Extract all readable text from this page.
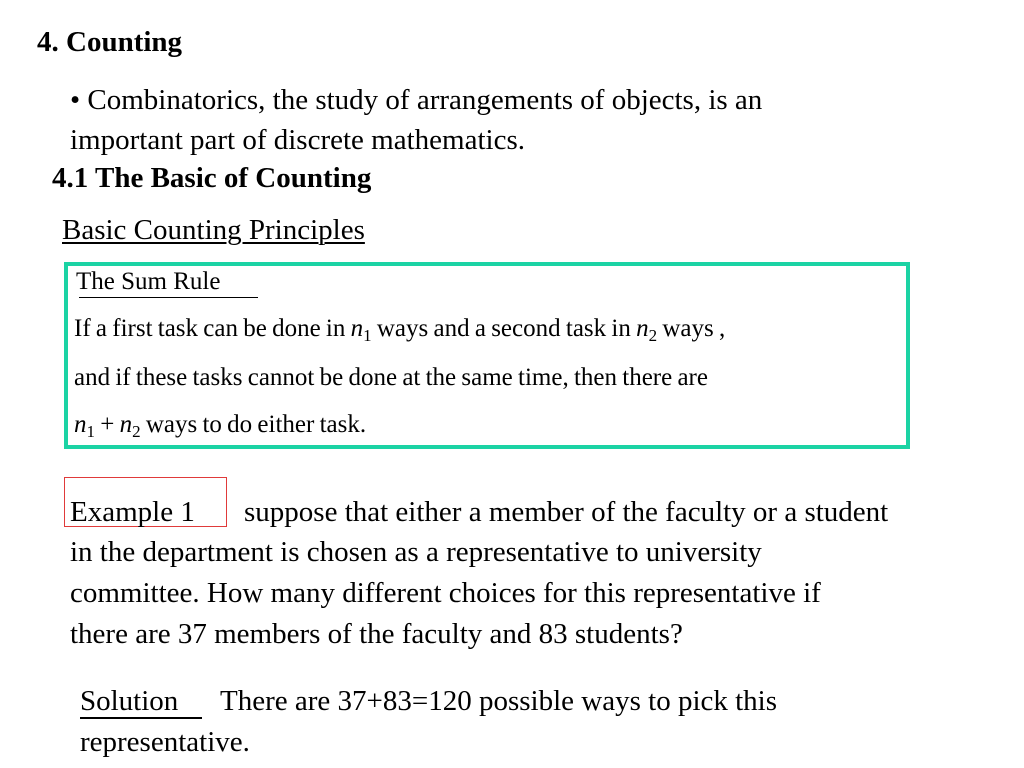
4. Counting
• Combinatorics, the study of arrangements of objects, is an
important part of discrete mathematics.
4.1 The Basic of Counting
Basic Counting Principles
The Sum Rule
If a first task can be done in $n_1$ ways and a second task in $n_2$ ways ,
and if these tasks cannot be done at the same time, then there are
$n_1 + n_2$ ways to do either task.
Example 1 suppose that either a member of the faculty or a student
in the department is chosen as a representative to university
committee. How many different choices for this representative if
there are 37 members of the faculty and 83 students?
Solution There are 37+83=120 possible ways to pick this
representative.
